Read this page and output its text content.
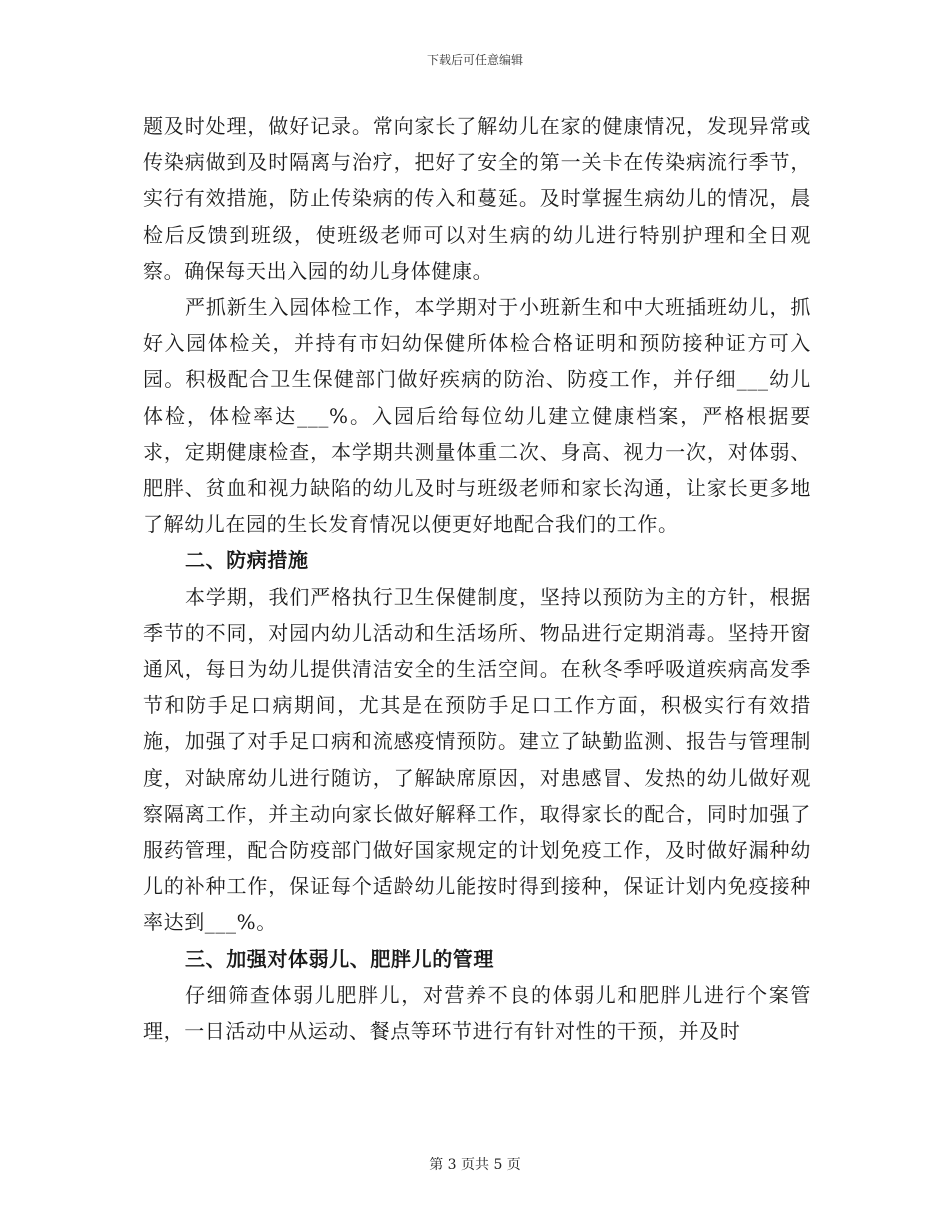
下载后可任意编辑

题及时处理，做好记录。常向家长了解幼儿在家的健康情况，发现异常或传染病做到及时隔离与治疗，把好了安全的第一关卡在传染病流行季节，实行有效措施，防止传染病的传入和蔓延。及时掌握生病幼儿的情况，晨检后反馈到班级，使班级老师可以对生病的幼儿进行特别护理和全日观察。确保每天出入园的幼儿身体健康。

严抓新生入园体检工作，本学期对于小班新生和中大班插班幼儿，抓好入园体检关，并持有市妇幼保健所体检合格证明和预防接种证方可入园。积极配合卫生保健部门做好疾病的防治、防疫工作，并仔细___幼儿体检，体检率达___%。入园后给每位幼儿建立健康档案，严格根据要求，定期健康检查，本学期共测量体重二次、身高、视力一次，对体弱、肥胖、贫血和视力缺陷的幼儿及时与班级老师和家长沟通，让家长更多地了解幼儿在园的生长发育情况以便更好地配合我们的工作。

二、防病措施

本学期，我们严格执行卫生保健制度，坚持以预防为主的方针，根据季节的不同，对园内幼儿活动和生活场所、物品进行定期消毒。坚持开窗通风，每日为幼儿提供清洁安全的生活空间。在秋冬季呼吸道疾病高发季节和防手足口病期间，尤其是在预防手足口工作方面，积极实行有效措施，加强了对手足口病和流感疫情预防。建立了缺勤监测、报告与管理制度，对缺席幼儿进行随访，了解缺席原因，对患感冒、发热的幼儿做好观察隔离工作，并主动向家长做好解释工作，取得家长的配合，同时加强了服药管理，配合防疫部门做好国家规定的计划免疫工作，及时做好漏种幼儿的补种工作，保证每个适龄幼儿能按时得到接种，保证计划内免疫接种率达到___%。

三、加强对体弱儿、肥胖儿的管理

仔细筛查体弱儿肥胖儿，对营养不良的体弱儿和肥胖儿进行个案管理，一日活动中从运动、餐点等环节进行有针对性的干预，并及时

第 3 页共 5 页
